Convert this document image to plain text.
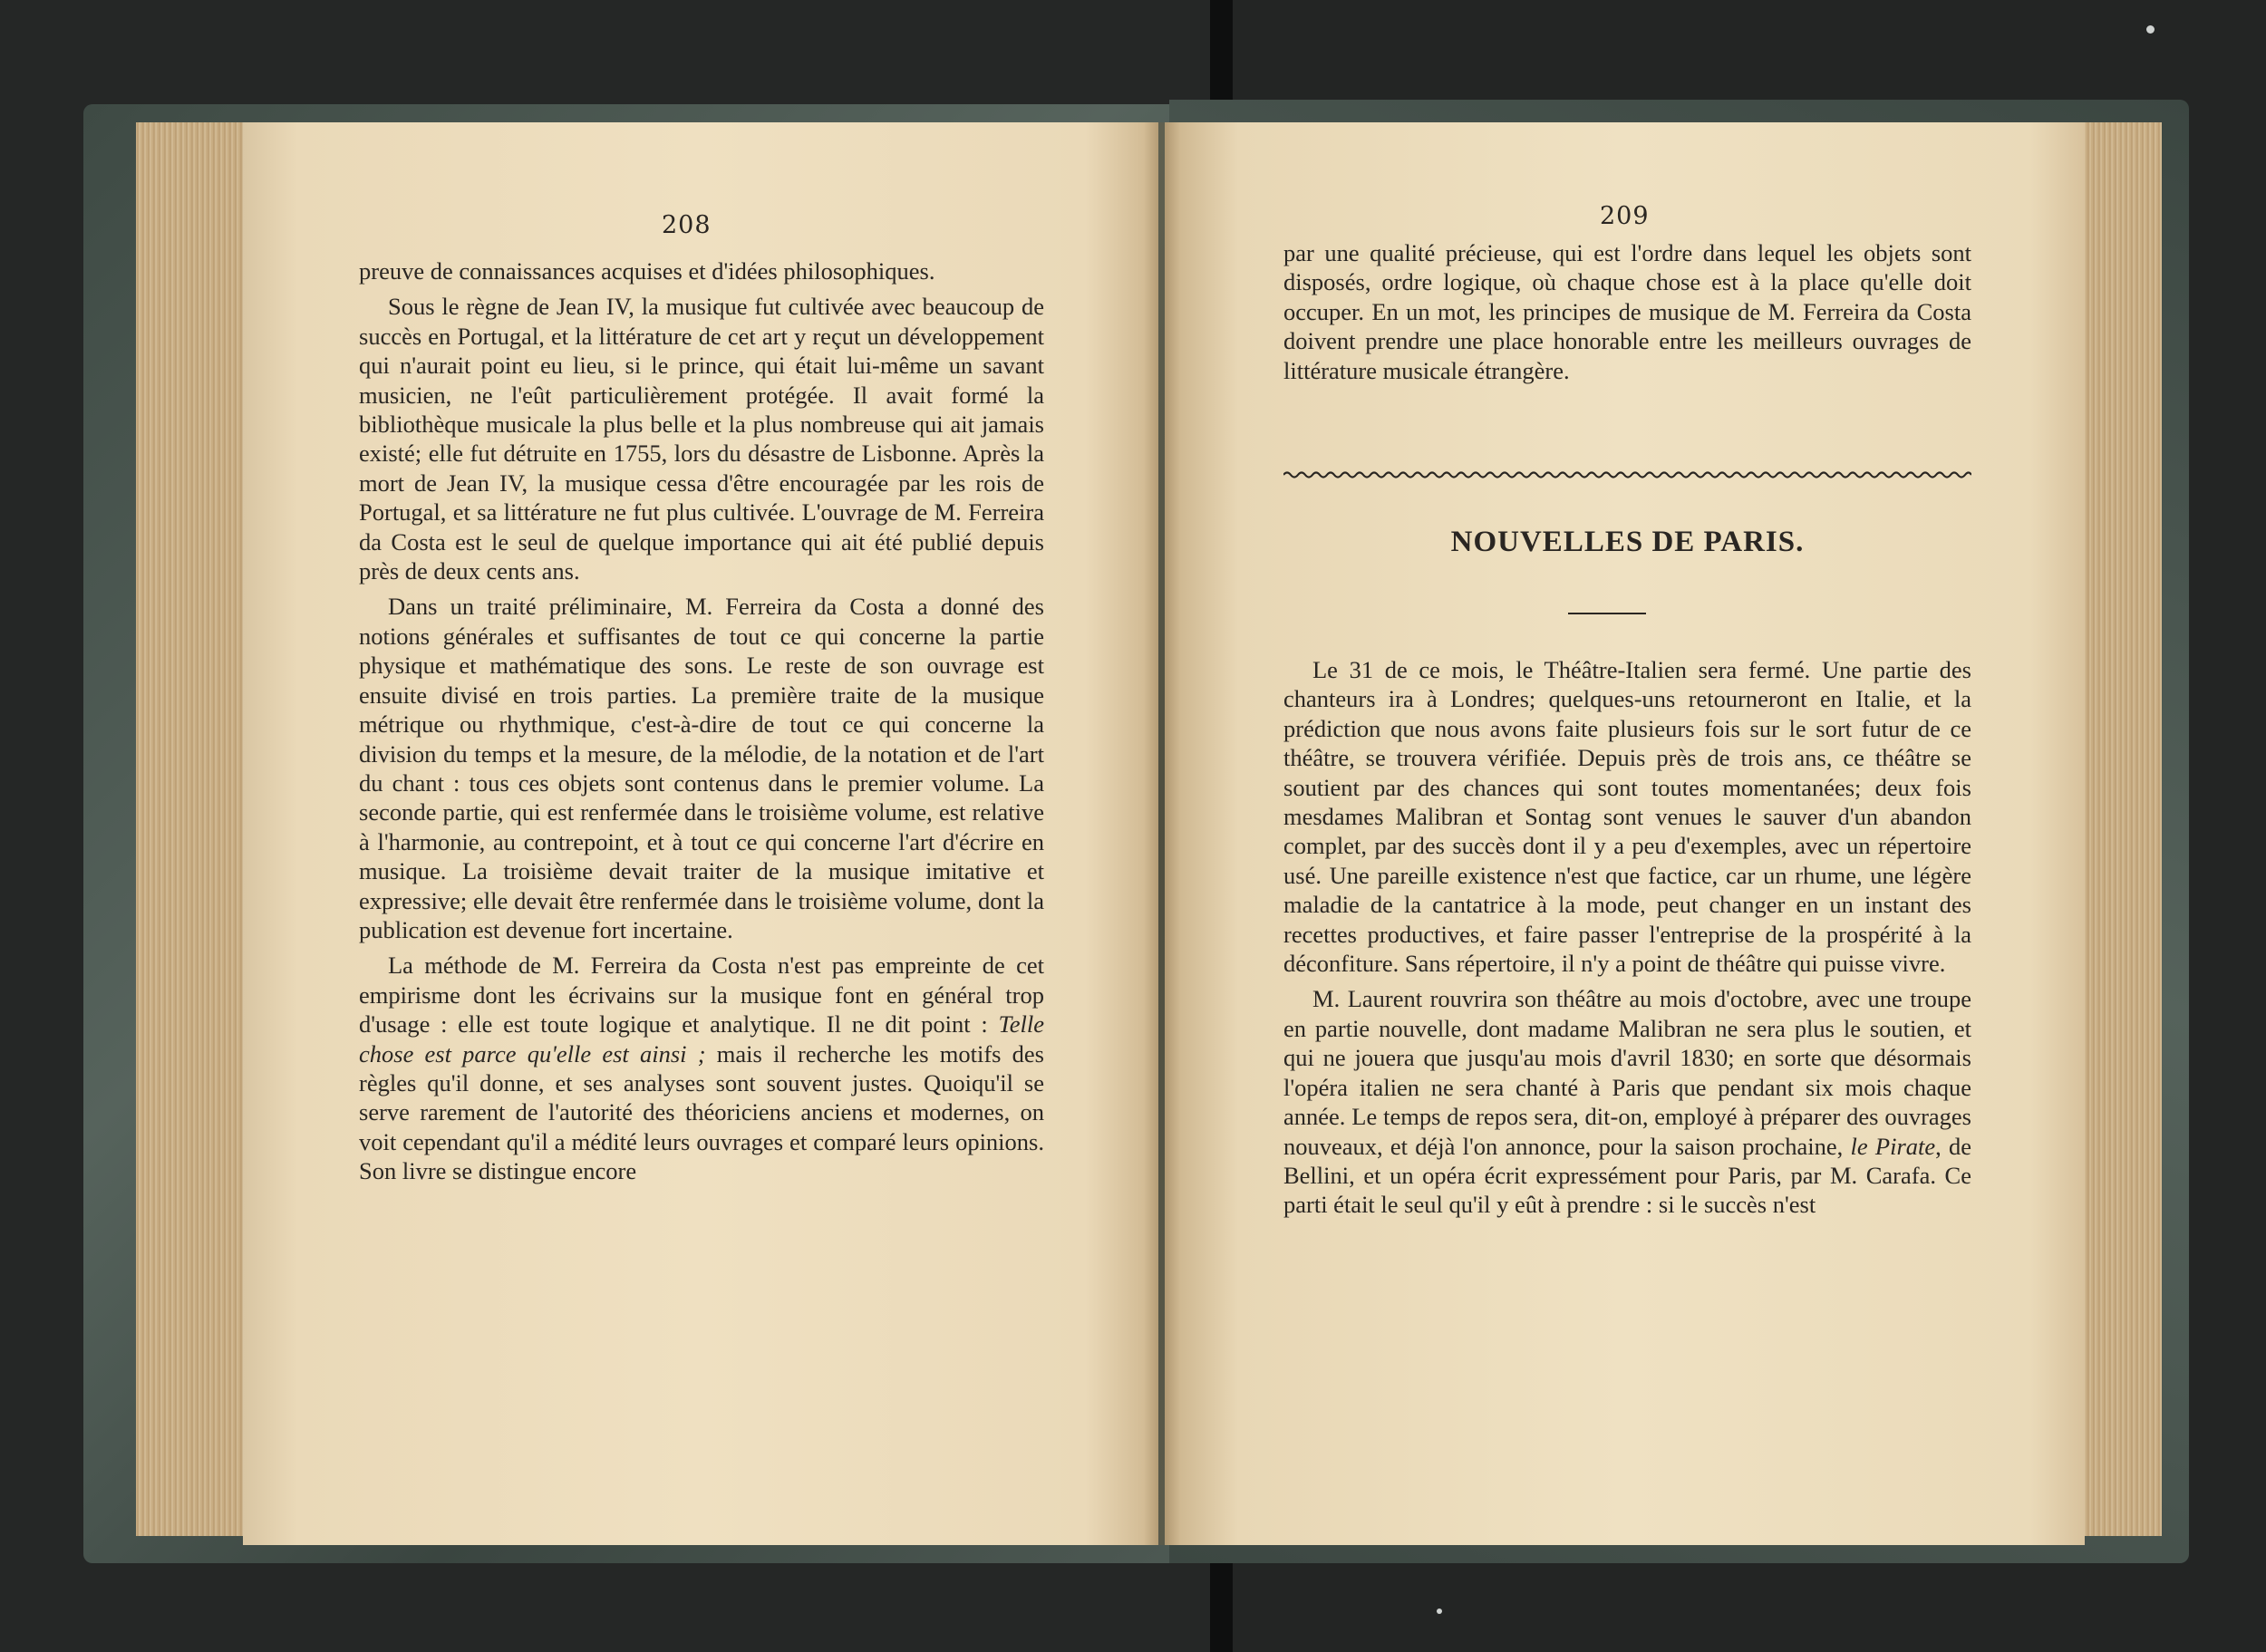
208

preuve de connaissances acquises et d'idées philosophiques.

Sous le règne de Jean IV, la musique fut cultivée avec beaucoup de succès en Portugal, et la littérature de cet art y reçut un développement qui n'aurait point eu lieu, si le prince, qui était lui-même un savant musicien, ne l'eût particulièrement protégée. Il avait formé la bibliothèque musicale la plus belle et la plus nombreuse qui ait jamais existé; elle fut détruite en 1755, lors du désastre de Lisbonne. Après la mort de Jean IV, la musique cessa d'être encouragée par les rois de Portugal, et sa littérature ne fut plus cultivée. L'ouvrage de M. Ferreira da Costa est le seul de quelque importance qui ait été publié depuis près de deux cents ans.

Dans un traité préliminaire, M. Ferreira da Costa a donné des notions générales et suffisantes de tout ce qui concerne la partie physique et mathématique des sons. Le reste de son ouvrage est ensuite divisé en trois parties. La première traite de la musique métrique ou rhythmique, c'est-à-dire de tout ce qui concerne la division du temps et la mesure, de la mélodie, de la notation et de l'art du chant : tous ces objets sont contenus dans le premier volume. La seconde partie, qui est renfermée dans le troisième volume, est relative à l'harmonie, au contrepoint, et à tout ce qui concerne l'art d'écrire en musique. La troisième devait traiter de la musique imitative et expressive; elle devait être renfermée dans le troisième volume, dont la publication est devenue fort incertaine.

La méthode de M. Ferreira da Costa n'est pas empreinte de cet empirisme dont les écrivains sur la musique font en général trop d'usage : elle est toute logique et analytique. Il ne dit point : Telle chose est parce qu'elle est ainsi ; mais il recherche les motifs des règles qu'il donne, et ses analyses sont souvent justes. Quoiqu'il se serve rarement de l'autorité des théoriciens anciens et modernes, on voit cependant qu'il a médité leurs ouvrages et comparé leurs opinions. Son livre se distingue encore

209

par une qualité précieuse, qui est l'ordre dans lequel les objets sont disposés, ordre logique, où chaque chose est à la place qu'elle doit occuper. En un mot, les principes de musique de M. Ferreira da Costa doivent prendre une place honorable entre les meilleurs ouvrages de littérature musicale étrangère.

NOUVELLES DE PARIS.

Le 31 de ce mois, le Théâtre-Italien sera fermé. Une partie des chanteurs ira à Londres; quelques-uns retourneront en Italie, et la prédiction que nous avons faite plusieurs fois sur le sort futur de ce théâtre, se trouvera vérifiée. Depuis près de trois ans, ce théâtre se soutient par des chances qui sont toutes momentanées; deux fois mesdames Malibran et Sontag sont venues le sauver d'un abandon complet, par des succès dont il y a peu d'exemples, avec un répertoire usé. Une pareille existence n'est que factice, car un rhume, une légère maladie de la cantatrice à la mode, peut changer en un instant des recettes productives, et faire passer l'entreprise de la prospérité à la déconfiture. Sans répertoire, il n'y a point de théâtre qui puisse vivre.

M. Laurent rouvrira son théâtre au mois d'octobre, avec une troupe en partie nouvelle, dont madame Malibran ne sera plus le soutien, et qui ne jouera que jusqu'au mois d'avril 1830; en sorte que désormais l'opéra italien ne sera chanté à Paris que pendant six mois chaque année. Le temps de repos sera, dit-on, employé à préparer des ouvrages nouveaux, et déjà l'on annonce, pour la saison prochaine, le Pirate, de Bellini, et un opéra écrit expressément pour Paris, par M. Carafa. Ce parti était le seul qu'il y eût à prendre : si le succès n'est
